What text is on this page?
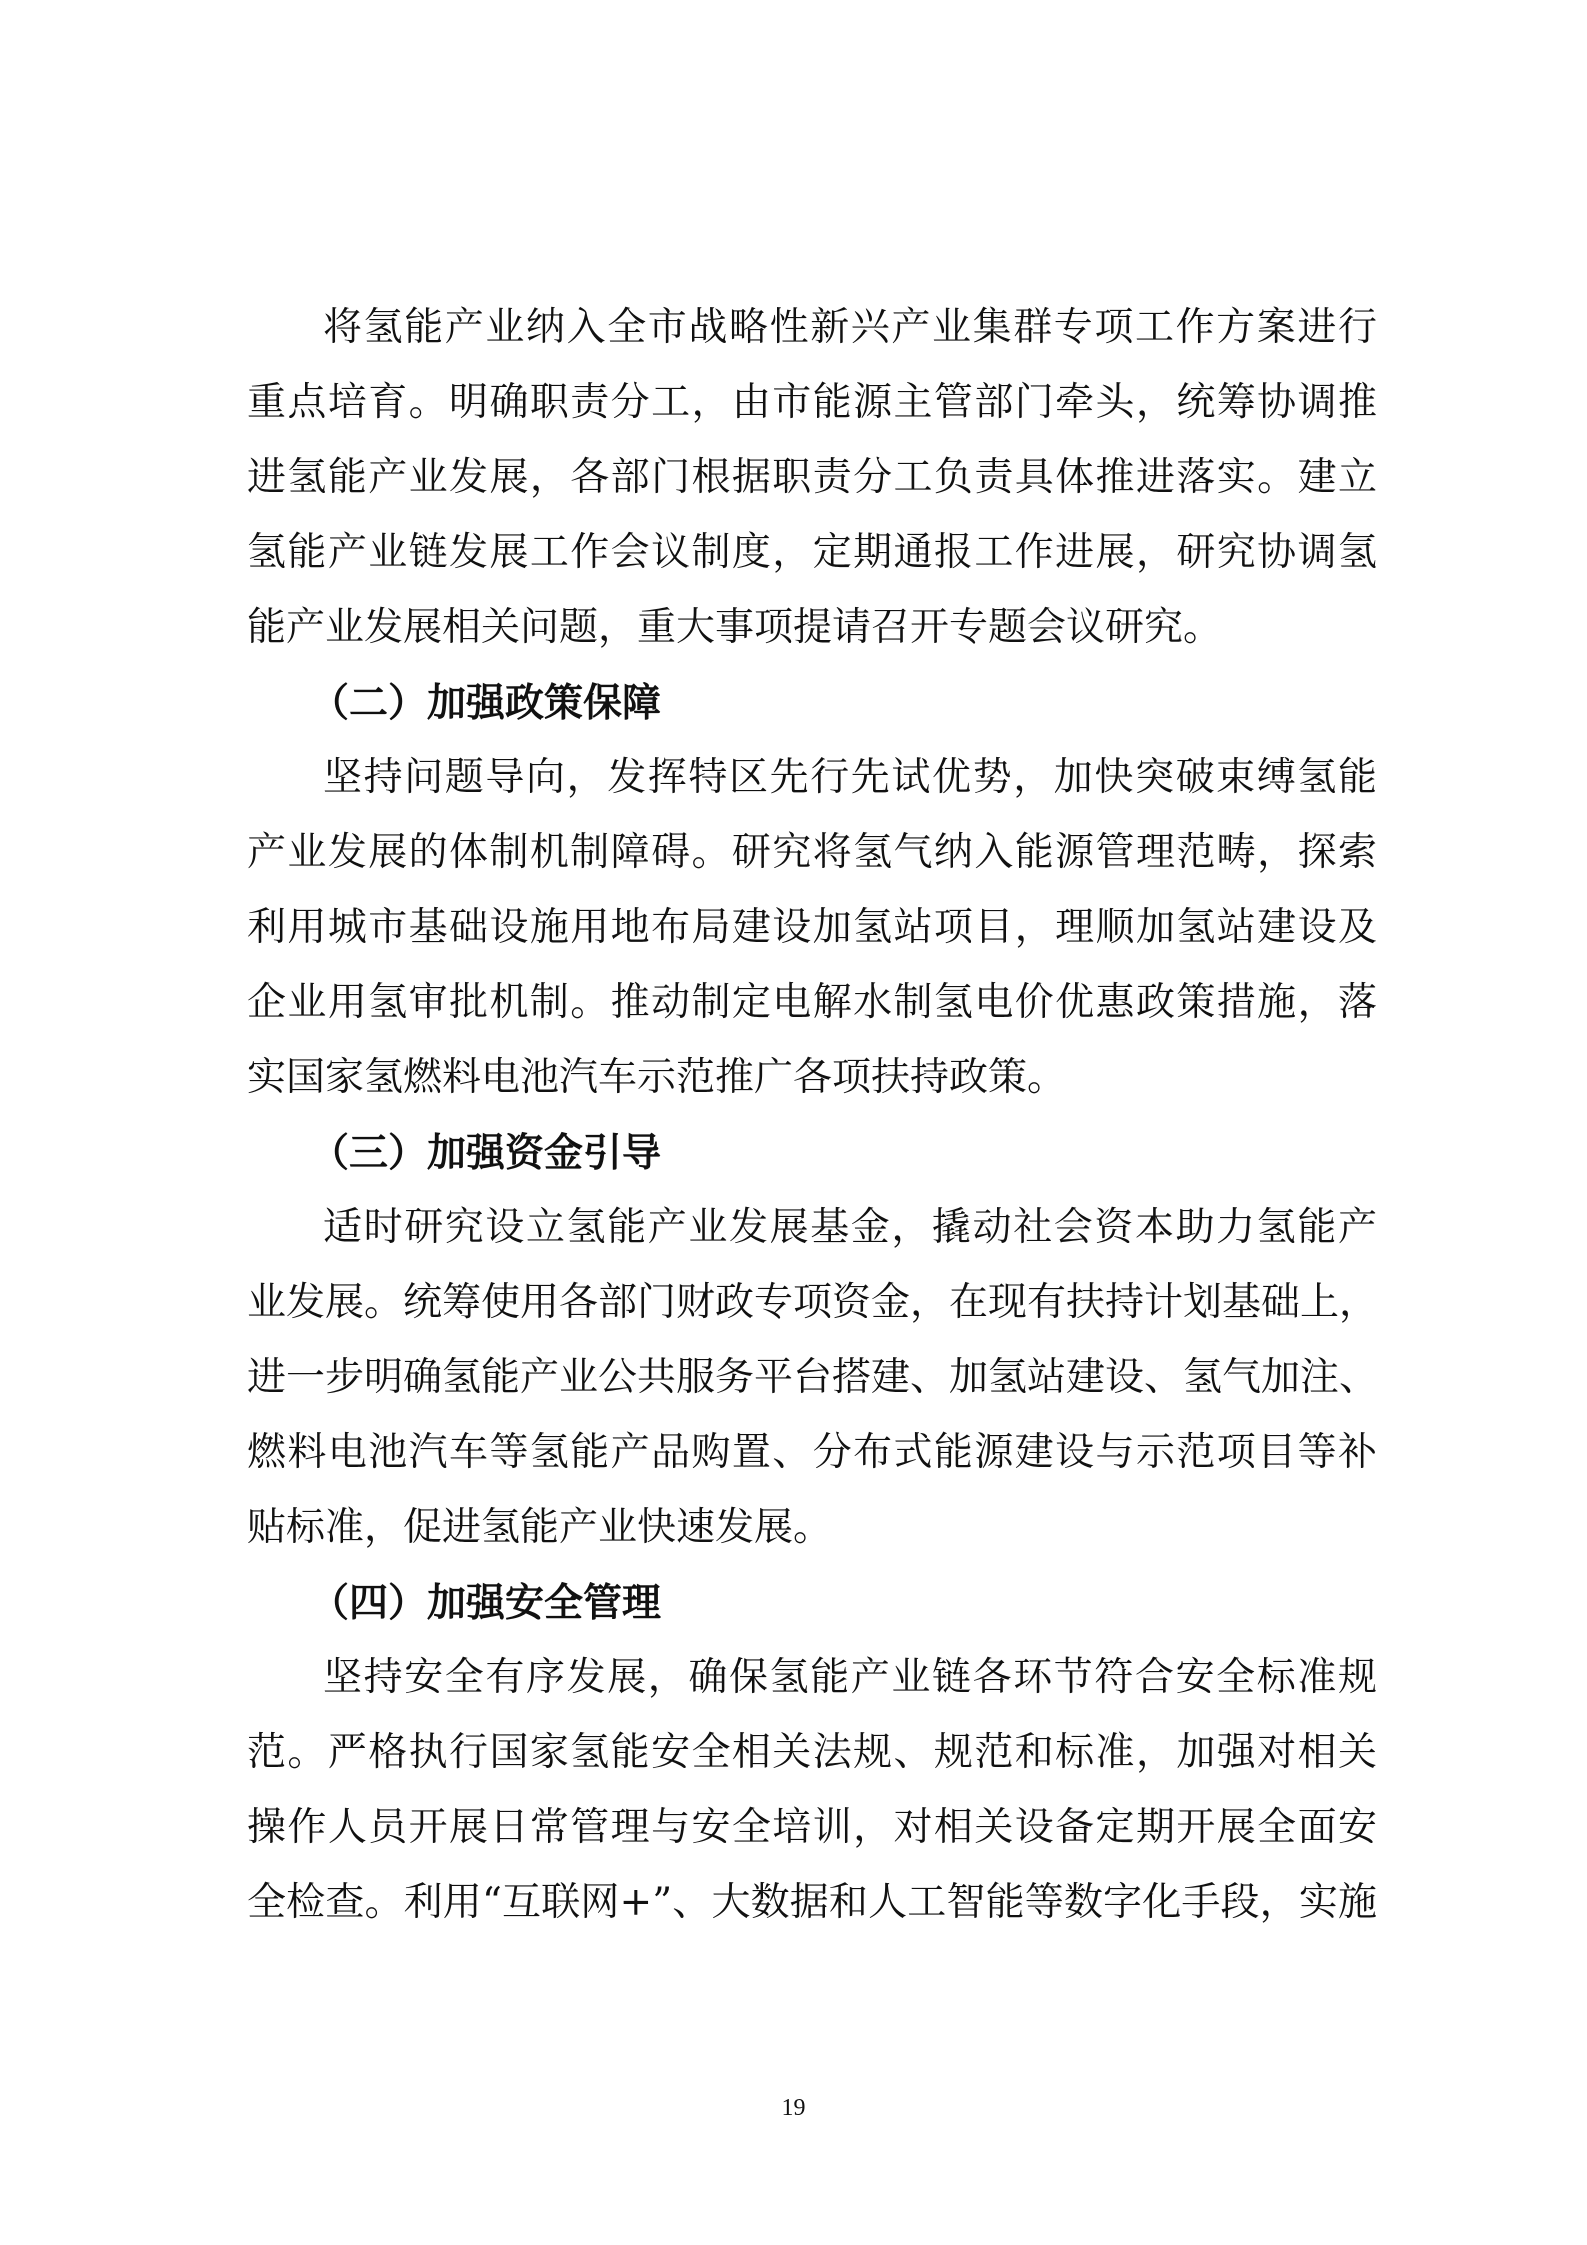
将氢能产业纳入全市战略性新兴产业集群专项工作方案进行
重点培育。明确职责分工，由市能源主管部门牵头，统筹协调推
进氢能产业发展，各部门根据职责分工负责具体推进落实。建立
氢能产业链发展工作会议制度，定期通报工作进展，研究协调氢
能产业发展相关问题，重大事项提请召开专题会议研究。
（二）加强政策保障
坚持问题导向，发挥特区先行先试优势，加快突破束缚氢能
产业发展的体制机制障碍。研究将氢气纳入能源管理范畴，探索
利用城市基础设施用地布局建设加氢站项目，理顺加氢站建设及
企业用氢审批机制。推动制定电解水制氢电价优惠政策措施，落
实国家氢燃料电池汽车示范推广各项扶持政策。
（三）加强资金引导
适时研究设立氢能产业发展基金，撬动社会资本助力氢能产
业发展。统筹使用各部门财政专项资金，在现有扶持计划基础上，
进一步明确氢能产业公共服务平台搭建、加氢站建设、氢气加注、
燃料电池汽车等氢能产品购置、分布式能源建设与示范项目等补
贴标准，促进氢能产业快速发展。
（四）加强安全管理
坚持安全有序发展，确保氢能产业链各环节符合安全标准规
范。严格执行国家氢能安全相关法规、规范和标准，加强对相关
操作人员开展日常管理与安全培训，对相关设备定期开展全面安
全检查。利用“互联网+”、大数据和人工智能等数字化手段，实施
19
